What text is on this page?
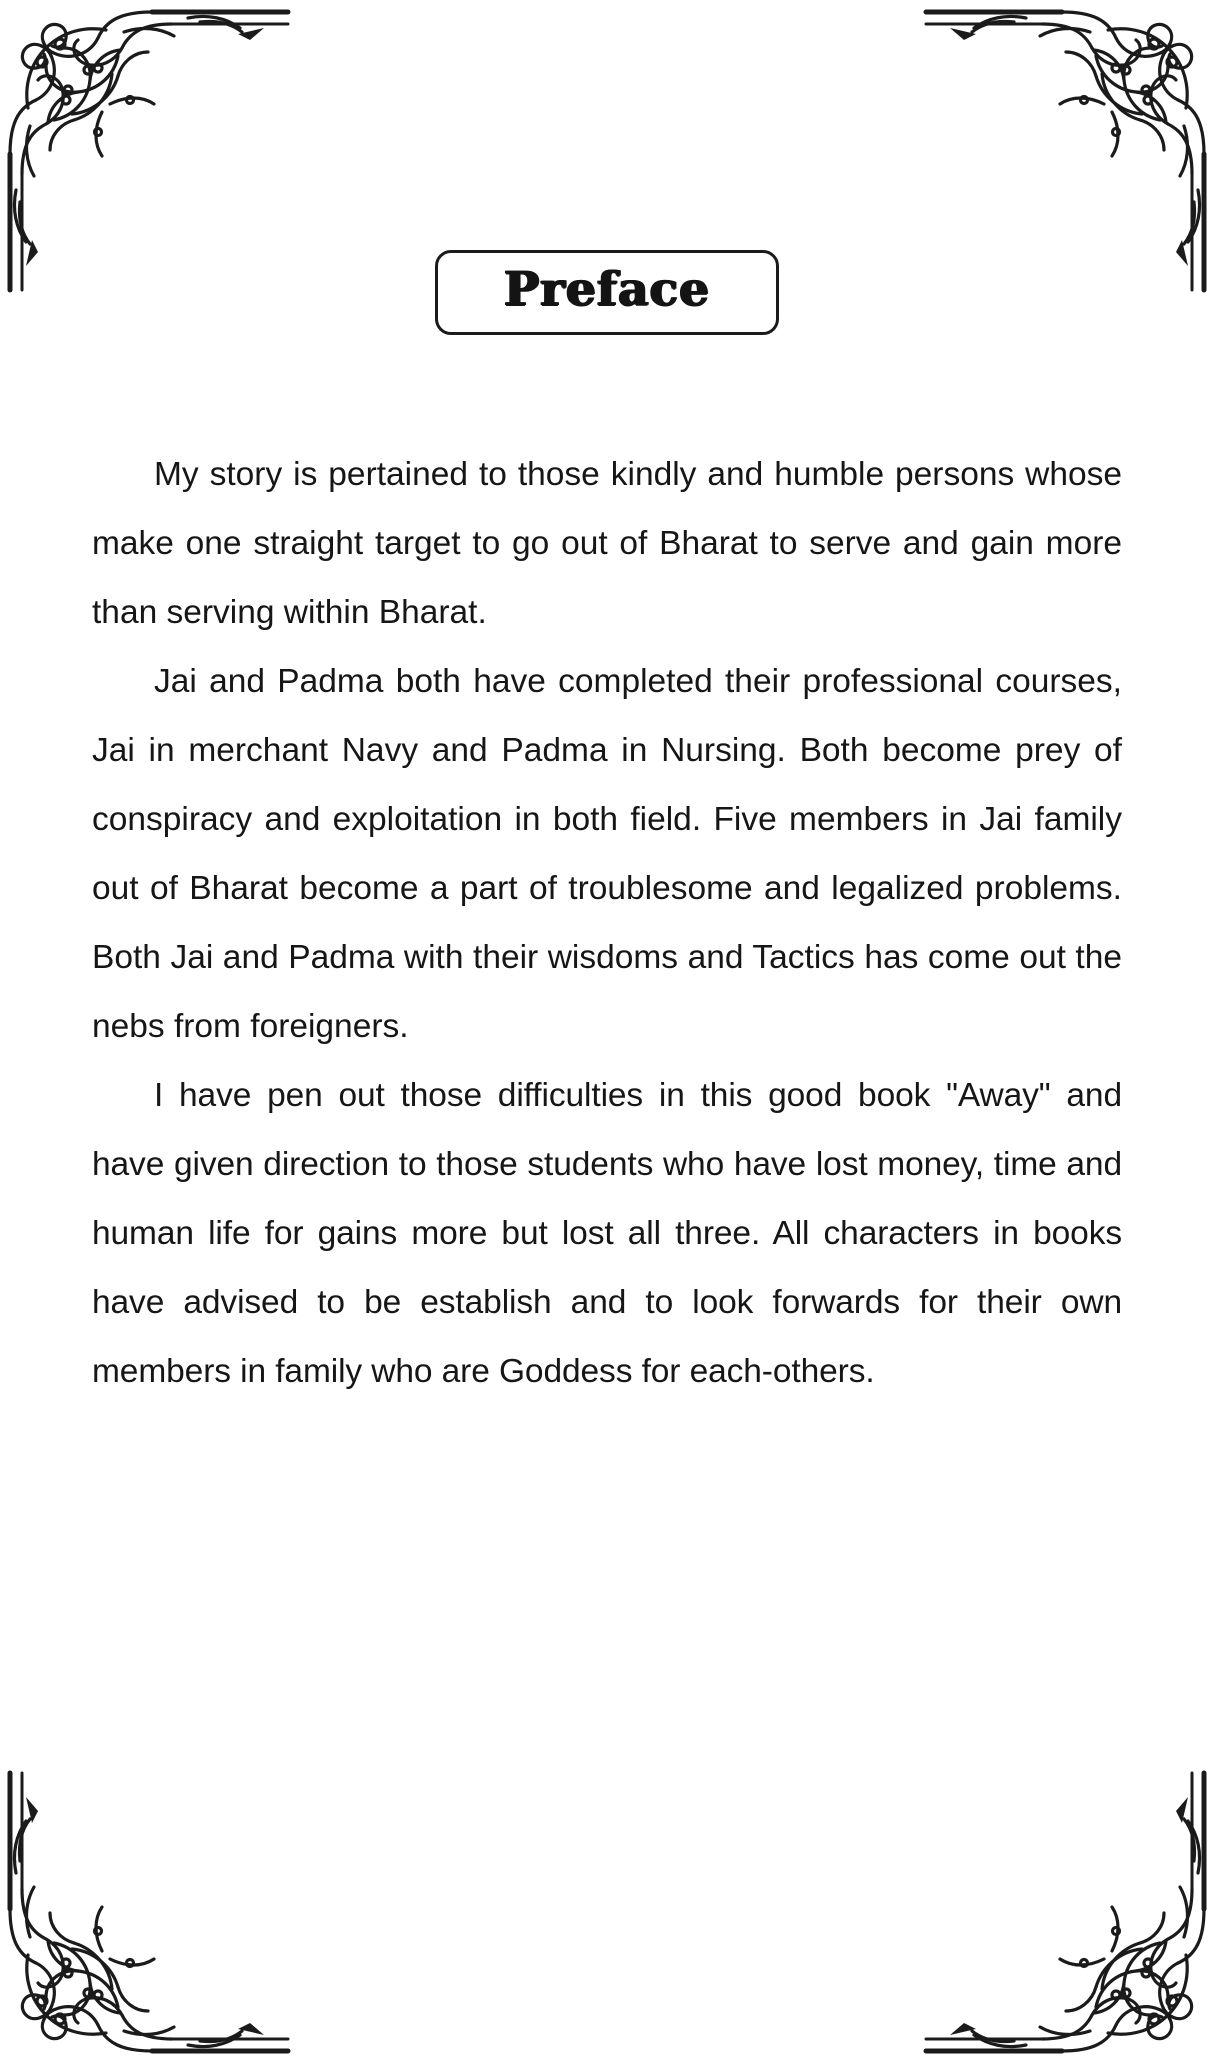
Preface

My story is pertained to those kindly and humble persons whose make one straight target to go out of Bharat to serve and gain more than serving within Bharat.

Jai and Padma both have completed their professional courses, Jai in merchant Navy and Padma in Nursing. Both become prey of conspiracy and exploitation in both field. Five members in Jai family out of Bharat become a part of troublesome and legalized problems. Both Jai and Padma with their wisdoms and Tactics has come out the nebs from foreigners.

I have pen out those difficulties in this good book "Away" and have given direction to those students who have lost money, time and human life for gains more but lost all three. All characters in books have advised to be establish and to look forwards for their own members in family who are Goddess for each-others.
